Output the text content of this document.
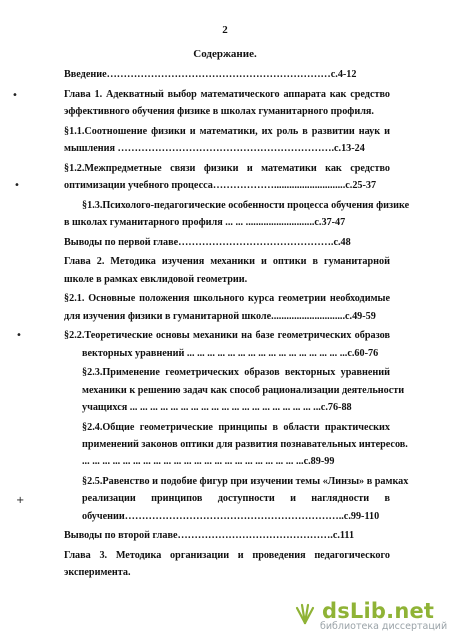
2
Содержание.
Введение…………………………………………………………с.4-12
Глава 1. Адекватный выбор математического аппарата как средство
эффективного обучения физике в школах гуманитарного профиля.
§1.1.Соотношение физики и математики, их роль в развитии наук и
мышления ……………………………………………………….с.13-24
§1.2.Межпредметные связи физики и математики как средство
оптимизации учебного процесса………………............................с.25-37
§1.3.Психолого-педагогические особенности процесса обучения физике
в школах гуманитарного профиля ... ... ...........................с.37-47
Выводы по первой главе……………………………………….с.48
Глава 2. Методика изучения механики и оптики в гуманитарной
школе в рамках евклидовой геометрии.
§2.1. Основные положения школьного курса геометрии необходимые
для изучения физики в гуманитарной школе.............................с.49-59
§2.2.Теоретические основы механики на базе геометрических образов
векторных уравнений ... ... ... ... ... ... ... ... ... ... ... ... ... ... ... ...с.60-76
§2.3.Применение геометрических образов векторных уравнений
механики к решению задач как способ рационализации деятельности
учащихся ... ... ... ... ... ... ... ... ... ... ... ... ... ... ... ... ... ... ...с.76-88
§2.4.Общие геометрические принципы в области практических
применений законов оптики для развития познавательных интересов.
... ... ... ... ... ... ... ... ... ... ... ... ... ... ... ... ... ... ... ... ... ...с.89-99
§2.5.Равенство и подобие фигур при изучении темы «Линзы» в рамках
реализации принципов доступности и наглядности в
обучении………………………………………………………..с.99-110
Выводы по второй главе……………………………………….с.111
Глава 3. Методика организации и проведения педагогического
эксперимента.
•
•
•
+
dsLib.net
библиотека диссертаций
